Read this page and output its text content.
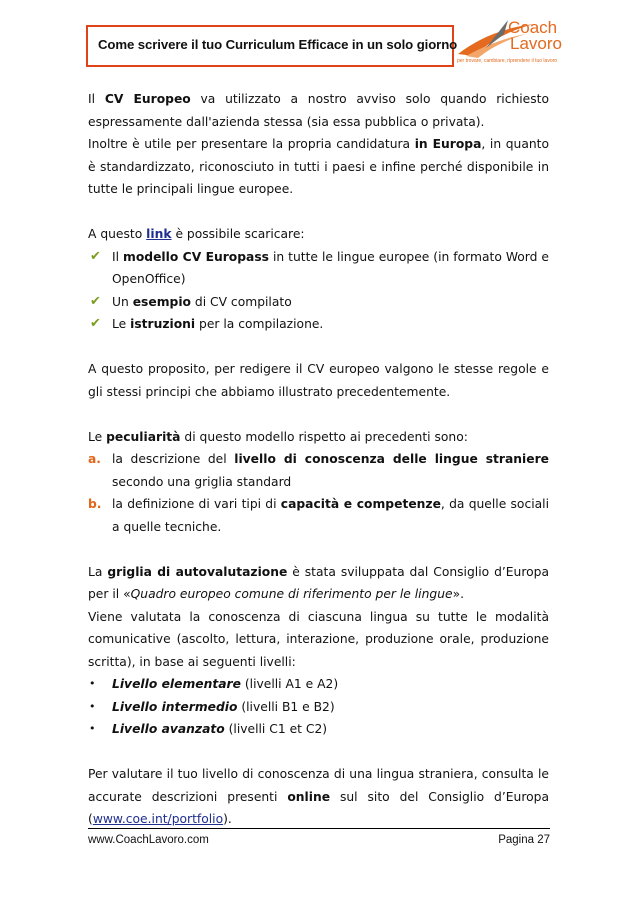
Come scrivere il tuo Curriculum Efficace in un solo giorno
Coach
Lavoro
per trovare, cambiare, riprendere il tuo lavoro

Il CV Europeo va utilizzato a nostro avviso solo quando richiesto espressamente dall'azienda stessa (sia essa pubblica o privata).

Inoltre è utile per presentare la propria candidatura in Europa, in quanto è standardizzato, riconosciuto in tutti i paesi e infine perché disponibile in tutte le principali lingue europee.

A questo link è possibile scaricare:

✔ Il modello CV Europass in tutte le lingue europee (in formato Word e OpenOffice)
✔ Un esempio di CV compilato
✔ Le istruzioni per la compilazione.

A questo proposito, per redigere il CV europeo valgono le stesse regole e gli stessi principi che abbiamo illustrato precedentemente.

Le peculiarità di questo modello rispetto ai precedenti sono:

a. la descrizione del livello di conoscenza delle lingue straniere secondo una griglia standard
b. la definizione di vari tipi di capacità e competenze, da quelle sociali a quelle tecniche.

La griglia di autovalutazione è stata sviluppata dal Consiglio d’Europa per il «Quadro europeo comune di riferimento per le lingue».

Viene valutata la conoscenza di ciascuna lingua su tutte le modalità comunicative (ascolto, lettura, interazione, produzione orale, produzione scritta), in base ai seguenti livelli:

• Livello elementare (livelli A1 e A2)
• Livello intermedio (livelli B1 e B2)
• Livello avanzato (livelli C1 et C2)

Per valutare il tuo livello di conoscenza di una lingua straniera, consulta le accurate descrizioni presenti online sul sito del Consiglio d’Europa (www.coe.int/portfolio).

www.CoachLavoro.com	Pagina 27
